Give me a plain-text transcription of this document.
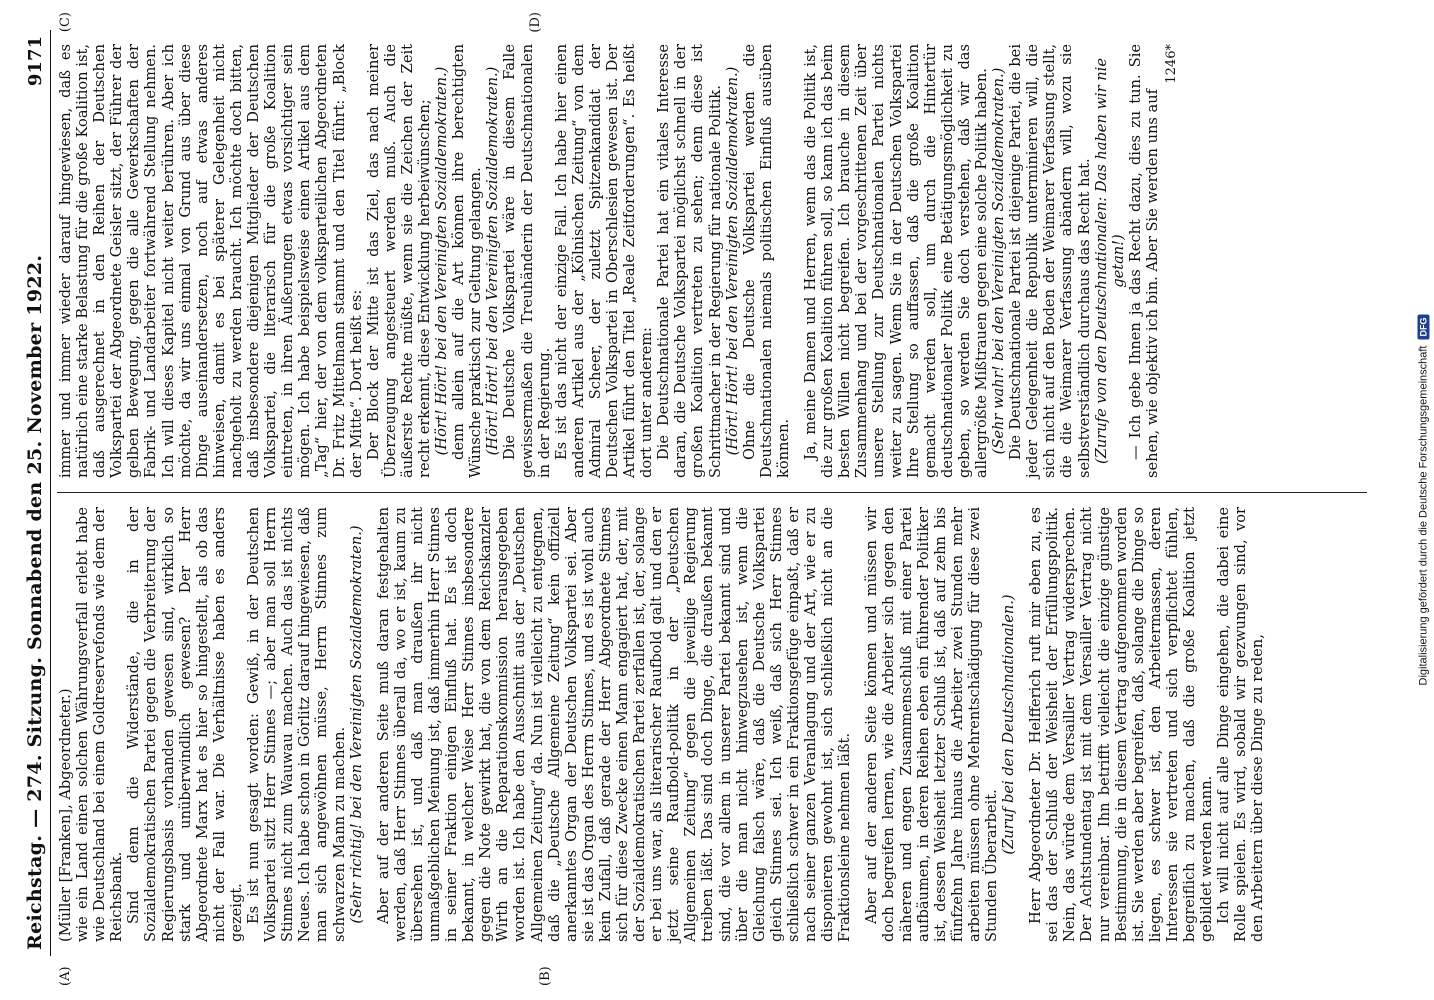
Reichstag. — 274. Sitzung. Sonnabend den 25. November 1922.
9171
(A)	(B)

(Müller [Franken], Abgeordneter.) wie ein Land einen solchen Währungsverfall erlebt habe wie Deutschland bei einem Goldreservefonds wie dem der Reichsbank. Sind denn die Widerstände, die in der Sozialdemokratischen Partei gegen die Verbreiterung der Regierungsbasis vorhanden gewesen sind, wirklich so stark und unüberwindlich gewesen? Der Herr Abgeordnete Marx hat es hier so hingestellt, als ob das nicht der Fall war. Die Verhältnisse haben es anders gezeigt. Es ist nun gesagt worden: Gewiß, in der Deutschen Volkspartei sitzt Herr Stinnes —; aber man soll Herrn Stinnes nicht zum Wauwau machen. Auch das ist nichts Neues. Ich habe schon in Görlitz darauf hingewiesen, daß man sich angewöhnen müsse, Herrn Stinnes zum schwarzen Mann zu machen. (Sehr richtig! bei den Vereinigten Sozialdemokraten.) Aber auf der anderen Seite muß daran festgehalten werden, daß Herr Stinnes überall da, wo er ist, kaum zu übersehen ist, und daß man draußen ihr nicht unmaßgeblichen Meinung ist, daß immerhin Herr Stinnes in seiner Fraktion einigen Einfluß hat. Es ist doch bekannt, in welcher Weise Herr Stinnes insbesondere gegen die Note gewirkt hat, die von dem Reichskanzler Wirth an die Reparationskommission herausgegeben worden ist. Ich habe den Ausschnitt aus der „Deutschen Allgemeinen Zeitung“ da. Nun ist vielleicht zu entgegnen, daß die „Deutsche Allgemeine Zeitung“ kein offiziell anerkanntes Organ der Deutschen Volkspartei sei. Aber sie ist das Organ des Herrn Stinnes, und es ist wohl auch kein Zufall, daß gerade der Herr Abgeordnete Stinnes sich für diese Zwecke einen Mann engagiert hat, der, mit der Sozialdemokratischen Partei zerfallen ist, der, solange er bei uns war, als literarischer Raufbold galt und den er jetzt seine Raufbold-politik in der „Deutschen Allgemeinen Zeitung“ gegen die jeweilige Regierung treiben läßt. Das sind doch Dinge, die draußen bekannt sind, die vor allem in unserer Partei bekannt sind und über die man nicht hinwegzusehen ist, wenn die Gleichung falsch wäre, daß die Deutsche Volkspartei gleich Stinnes sei. Ich weiß, daß sich Herr Stinnes schließlich schwer in ein Fraktionsgefüge einpaßt, daß er nach seiner ganzen Veranlagung und der Art, wie er zu disponieren gewohnt ist, sich schließlich nicht an die Fraktionsleine nehmen läßt. Aber auf der anderen Seite können und müssen wir doch begreifen lernen, wie die Arbeiter sich gegen den näheren und engen Zusammenschluß mit einer Partei aufbäumen, in deren Reihen eben ein führender Politiker ist, dessen Weisheit letzter Schluß ist, daß auf zehn bis fünfzehn Jahre hinaus die Arbeiter zwei Stunden mehr arbeiten müssen ohne Mehrentschädigung für diese zwei Stunden Überarbeit.

(Zuruf bei den Deutschnationalen.) Herr Abgeordneter Dr. Helfferich ruft mir eben zu, es sei das der Schluß der Weisheit der Erfüllungspolitik. Nein, das würde dem Versailler Vertrag widersprechen. Der Achtstundentag ist mit dem Versailler Vertrag nicht nur vereinbar. Ihn betrifft vielleicht die einzige günstige Bestimmung, die in diesem Vertrag aufgenommen worden ist. Sie werden aber begreifen, daß, solange die Dinge so liegen, es schwer ist, den Arbeitermassen, deren Interessen sie vertreten und sich verpflichtet fühlen, begreiflich zu machen, daß die große Koalition jetzt gebildet werden kann. Ich will nicht auf alle Dinge eingehen, die dabei eine Rolle spielen. Es wird, sobald wir gezwungen sind, vor den Arbeitern über diese Dinge zu reden,

(C)	(D)

immer und immer wieder darauf hingewiesen, daß es natürlich eine starke Belastung für die große Koalition ist, daß ausgerechnet in den Reihen der Deutschen Volkspartei der Abgeordnete Geisler sitzt, der Führer der gelben Bewegung, gegen die alle Gewerkschaften der Fabrik- und Landarbeiter fortwährend Stellung nehmen. Ich will dieses Kapitel nicht weiter berühren. Aber ich möchte, da wir uns einmal von Grund aus über diese Dinge auseinandersetzen, noch auf etwas anderes hinweisen, damit es bei späterer Gelegenheit nicht nachgeholt zu werden braucht. Ich möchte doch bitten, daß insbesondere diejenigen Mitglieder der Deutschen Volkspartei, die literarisch für die große Koalition eintreten, in ihren Äußerungen etwas vorsichtiger sein mögen. Ich habe beispielsweise einen Artikel aus dem „Tag“ hier, der von dem volksparteilichen Abgeordneten Dr. Fritz Mittelmann stammt und den Titel führt: „Block der Mitte“. Dort heißt es: Der Block der Mitte ist das Ziel, das nach meiner Überzeugung angesteuert werden muß. Auch die äußerste Rechte müßte, wenn sie die Zeichen der Zeit recht erkennt, diese Entwicklung herbeiwünschen; (Hört! Hört! bei den Vereinigten Sozialdemokraten.) denn allein auf die Art können ihre berechtigten Wünsche praktisch zur Geltung gelangen. (Hört! Hört! bei den Vereinigten Sozialdemokraten.) Die Deutsche Volkspartei wäre in diesem Falle gewissermaßen die Treuhänderin der Deutschnationalen in der Regierung. Es ist das nicht der einzige Fall. Ich habe hier einen anderen Artikel aus der „Kölnischen Zeitung“ von dem Admiral Scheer, der zuletzt Spitzenkandidat der Deutschen Volkspartei in Oberschlesien gewesen ist. Der Artikel führt den Titel „Reale Zeitforderungen“. Es heißt dort unter anderem: Die Deutschnationale Partei hat ein vitales Interesse daran, die Deutsche Volkspartei möglichst schnell in der großen Koalition vertreten zu sehen; denn diese ist Schrittmacher in der Regierung für nationale Politik. (Hört! Hört! bei den Vereinigten Sozialdemokraten.) Ohne die Deutsche Volkspartei werden die Deutschnationalen niemals politischen Einfluß ausüben können. Ja, meine Damen und Herren, wenn das die Politik ist, die zur großen Koalition führen soll, so kann ich das beim besten Willen nicht begreifen. Ich brauche in diesem Zusammenhang und bei der vorgeschrittenen Zeit über unsere Stellung zur Deutschnationalen Partei nichts weiter zu sagen. Wenn Sie in der Deutschen Volkspartei Ihre Stellung so auffassen, daß die große Koalition gemacht werden soll, um durch die Hintertür deutschnationaler Politik eine Betätigungsmöglichkeit zu geben, so werden Sie doch verstehen, daß wir das allergrößte Mißtrauen gegen eine solche Politik haben. (Sehr wahr! bei den Vereinigten Sozialdemokraten.) Die Deutschnationale Partei ist diejenige Partei, die bei jeder Gelegenheit die Republik unterminieren will, die sich nicht auf den Boden der Weimarer Verfassung stellt, die die Weimarer Verfassung abändern will, wozu sie selbstverständlich durchaus das Recht hat. (Zurufe von den Deutschnationalen: Das haben wir nie getan!) — Ich gebe Ihnen ja das Recht dazu, dies zu tun. Sie sehen, wie objektiv ich bin. Aber Sie werden uns auf

1246*
Digitalisierung gefördert durch die Deutsche Forschungsgemeinschaft
DFG
